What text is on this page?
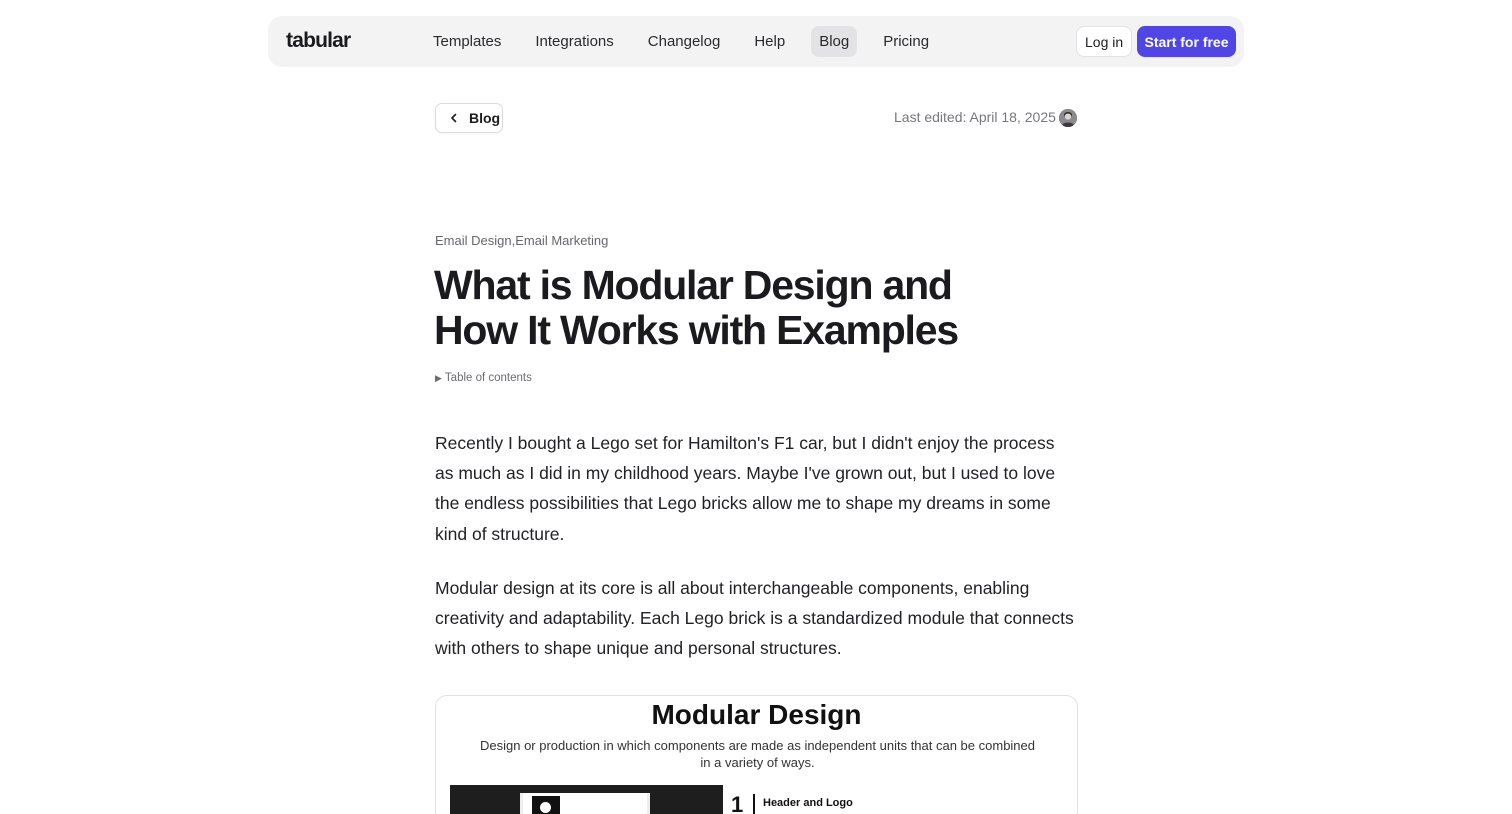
tabular	Templates	Integrations	Changelog	Help	Blog	Pricing	Log in	Start for free
Blog	Last edited: April 18, 2025
Email Design,Email Marketing
What is Modular Design and
How It Works with Examples
▶ Table of contents

Recently I bought a Lego set for Hamilton's F1 car, but I didn't enjoy the process as much as I did in my childhood years. Maybe I've grown out, but I used to love the endless possibilities that Lego bricks allow me to shape my dreams in some kind of structure.

Modular design at its core is all about interchangeable components, enabling creativity and adaptability. Each Lego brick is a standardized module that connects with others to shape unique and personal structures.

Modular Design
Design or production in which components are made as independent units that can be combined in a variety of ways.
1 Header and Logo
